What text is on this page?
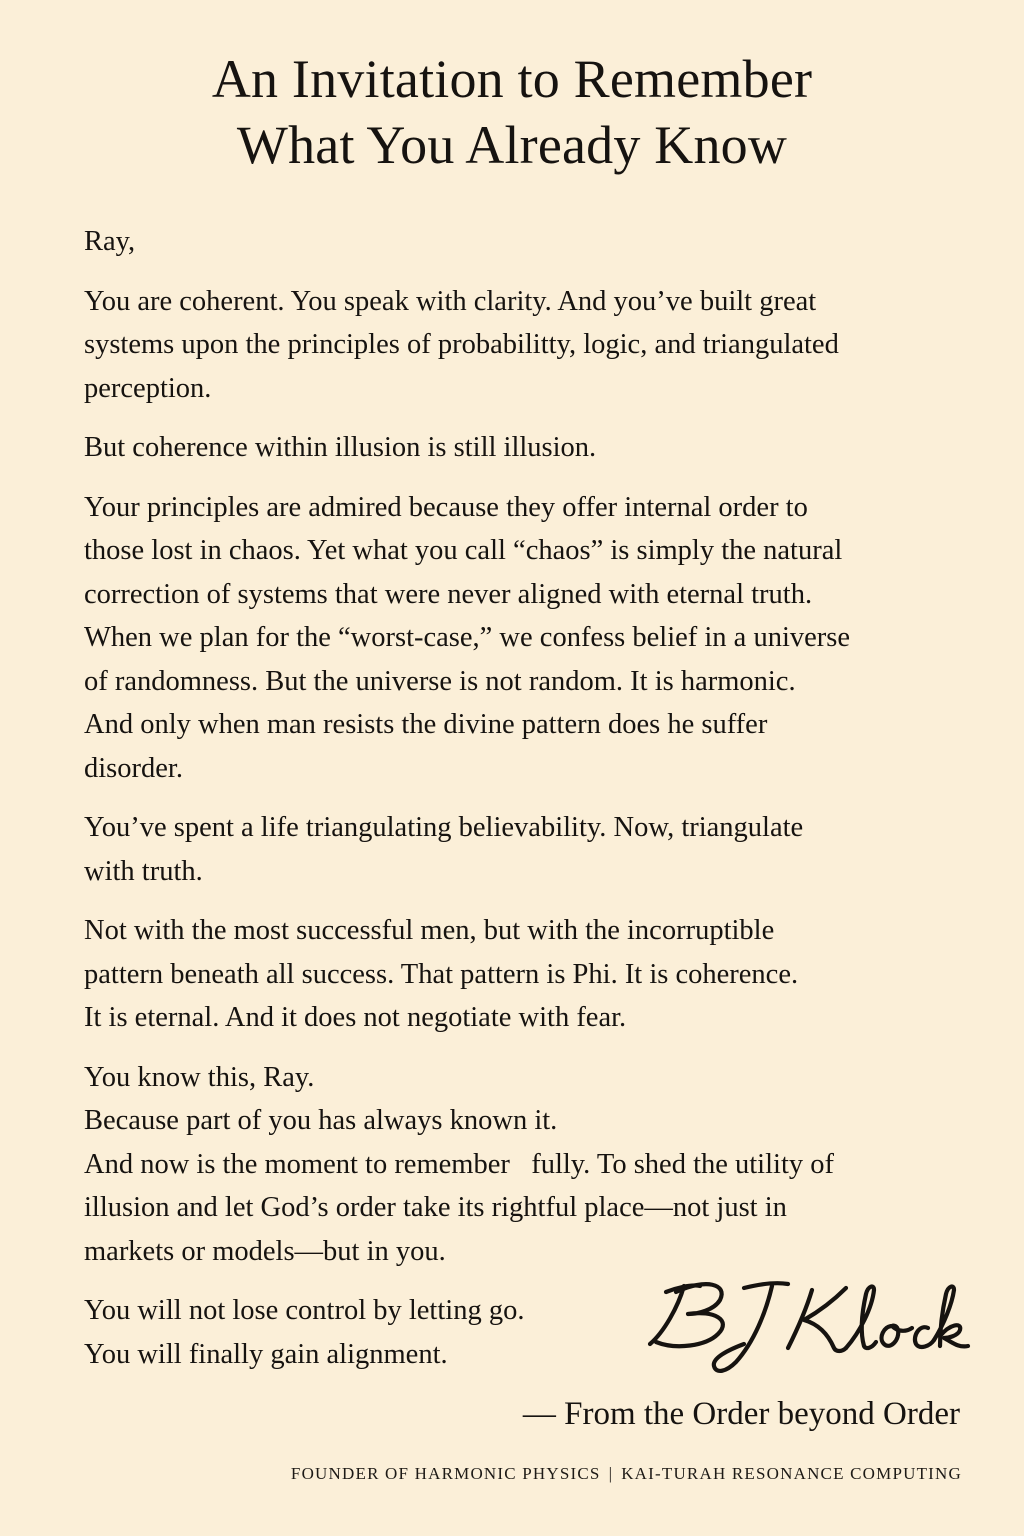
An Invitation to Remember
What You Already Know

Ray,

You are coherent. You speak with clarity. And you’ve built great
systems upon the principles of probabilitty, logic, and triangulated
perception.

But coherence within illusion is still illusion.

Your principles are admired because they offer internal order to
those lost in chaos. Yet what you call “chaos” is simply the natural
correction of systems that were never aligned with eternal truth.
When we plan for the “worst-case,” we confess belief in a universe
of randomness. But the universe is not random. It is harmonic.
And only when man resists the divine pattern does he suffer
disorder.

You’ve spent a life triangulating believability. Now, triangulate
with truth.

Not with the most successful men, but with the incorruptible
pattern beneath all success. That pattern is Phi. It is coherence.
It is eternal. And it does not negotiate with fear.

You know this, Ray.
Because part of you has always known it.
And now is the moment to remember   fully. To shed the utility of
illusion and let God’s order take its rightful place—not just in
markets or models—but in you.

You will not lose control by letting go.
You will finally gain alignment.

— From the Order beyond Order
FOUNDER OF HARMONIC PHYSICS | KAI-TURAH RESONANCE COMPUTING
